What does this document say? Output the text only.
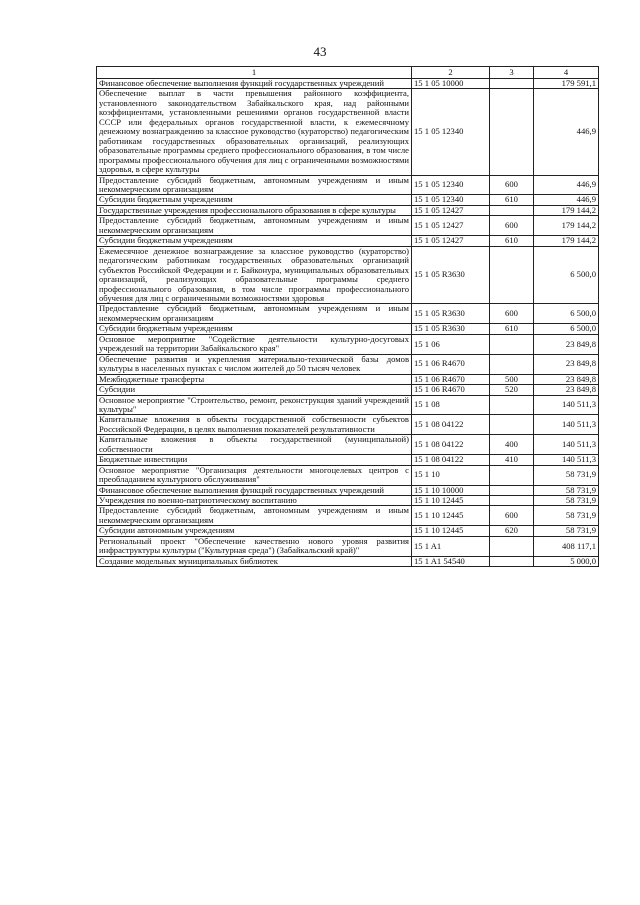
43
1	2	3	4
Финансовое обеспечение выполнения функций государственных учреждений	15 1 05 10000		179 591,1
Обеспечение выплат в части превышения районного коэффициента, установленного законодательством Забайкальского края, над районными коэффициентами, установленными решениями органов государственной власти СССР или федеральных органов государственной власти, к ежемесячному денежному вознаграждению за классное руководство (кураторство) педагогическим работникам государственных образовательных организаций, реализующих образовательные программы среднего профессионального образования, в том числе программы профессионального обучения для лиц с ограниченными возможностями здоровья, в сфере культуры	15 1 05 12340		446,9
Предоставление субсидий бюджетным, автономным учреждениям и иным некоммерческим организациям	15 1 05 12340	600	446,9
Субсидии бюджетным учреждениям	15 1 05 12340	610	446,9
Государственные учреждения профессионального образования в сфере культуры	15 1 05 12427		179 144,2
Предоставление субсидий бюджетным, автономным учреждениям и иным некоммерческим организациям	15 1 05 12427	600	179 144,2
Субсидии бюджетным учреждениям	15 1 05 12427	610	179 144,2
Ежемесячное денежное вознаграждение за классное руководство (кураторство) педагогическим работникам государственных образовательных организаций субъектов Российской Федерации и г. Байконура, муниципальных образовательных организаций, реализующих образовательные программы среднего профессионального образования, в том числе программы профессионального обучения для лиц с ограниченными возможностями здоровья	15 1 05 R3630		6 500,0
Предоставление субсидий бюджетным, автономным учреждениям и иным некоммерческим организациям	15 1 05 R3630	600	6 500,0
Субсидии бюджетным учреждениям	15 1 05 R3630	610	6 500,0
Основное мероприятие "Содействие деятельности культурно-досуговых учреждений на территории Забайкальского края"	15 1 06		23 849,8
Обеспечение развития и укрепления материально-технической базы домов культуры в населенных пунктах с числом жителей до 50 тысяч человек	15 1 06 R4670		23 849,8
Межбюджетные трансферты	15 1 06 R4670	500	23 849,8
Субсидии	15 1 06 R4670	520	23 849,8
Основное мероприятие "Строительство, ремонт, реконструкция зданий учреждений культуры"	15 1 08		140 511,3
Капитальные вложения в объекты государственной собственности субъектов Российской Федерации, в целях выполнения показателей результативности	15 1 08 04122		140 511,3
Капитальные вложения в объекты государственной (муниципальной) собственности	15 1 08 04122	400	140 511,3
Бюджетные инвестиции	15 1 08 04122	410	140 511,3
Основное мероприятие "Организация деятельности многоцелевых центров с преобладанием культурного обслуживания"	15 1 10		58 731,9
Финансовое обеспечение выполнения функций государственных учреждений	15 1 10 10000		58 731,9
Учреждения по военно-патриотическому воспитанию	15 1 10 12445		58 731,9
Предоставление субсидий бюджетным, автономным учреждениям и иным некоммерческим организациям	15 1 10 12445	600	58 731,9
Субсидии автономным учреждениям	15 1 10 12445	620	58 731,9
Региональный проект "Обеспечение качественно нового уровня развития инфраструктуры культуры ("Культурная среда") (Забайкальский край)"	15 1 A1		408 117,1
Создание модельных муниципальных библиотек	15 1 A1 54540		5 000,0
